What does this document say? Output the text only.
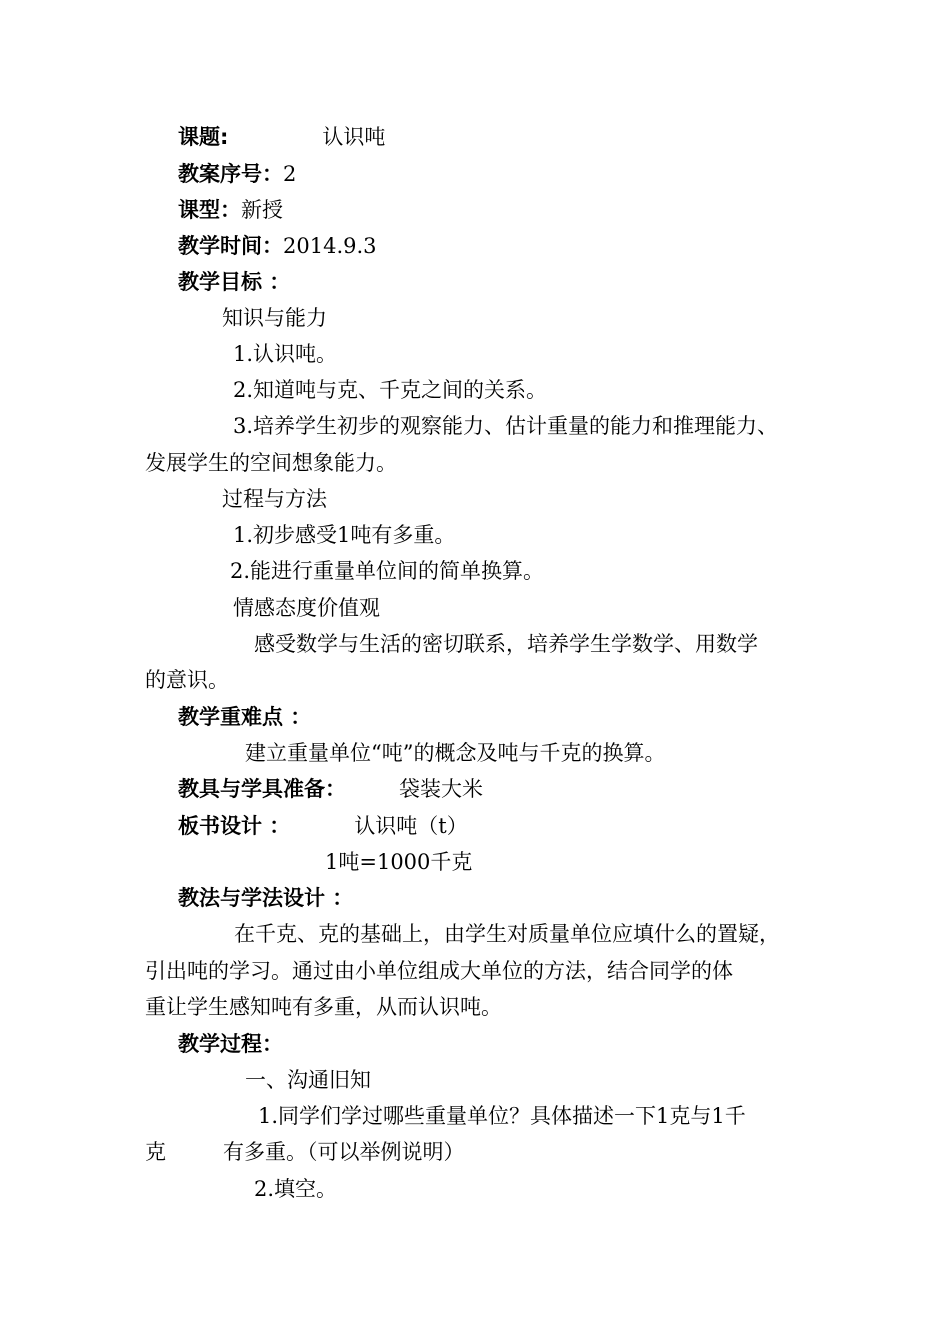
课题:	认识吨

教案序号：2

课型：新授

教学时间：2014.9.3

教学目标 ：

知识与能力

1.认识吨。

2.知道吨与克、千克之间的关系。

3.培养学生初步的观察能力、估计重量的能力和推理能力、

发展学生的空间想象能力。

过程与方法

1.初步感受1吨有多重。

2.能进行重量单位间的简单换算。

情感态度价值观

感受数学与生活的密切联系，培养学生学数学、用数学

的意识。

教学重难点 ：

建立重量单位“吨”的概念及吨与千克的换算。

教具与学具准备：	袋装大米

板书设计 ：	认识吨（t）

1吨=1000千克

教法与学法设计 ：

在千克、克的基础上，由学生对质量单位应填什么的置疑，

引出吨的学习。通过由小单位组成大单位的方法，结合同学的体

重让学生感知吨有多重，从而认识吨。

教学过程：

一、沟通旧知

1.同学们学过哪些重量单位？具体描述一下1克与1千

克	有多重。（可以举例说明）

2.填空。
